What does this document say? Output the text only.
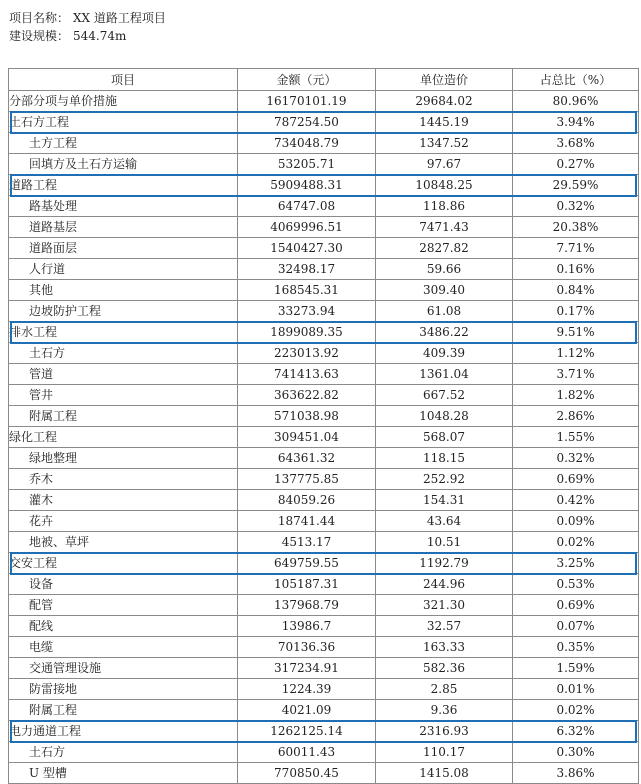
项目名称： XX 道路工程项目
建设规模： 544.74m
项目	金额（元）	单位造价	占总比（%）
分部分项与单价措施	16170101.19	29684.02	80.96%
土石方工程	787254.50	1445.19	3.94%
土方工程	734048.79	1347.52	3.68%
回填方及土石方运输	53205.71	97.67	0.27%
道路工程	5909488.31	10848.25	29.59%
路基处理	64747.08	118.86	0.32%
道路基层	4069996.51	7471.43	20.38%
道路面层	1540427.30	2827.82	7.71%
人行道	32498.17	59.66	0.16%
其他	168545.31	309.40	0.84%
边坡防护工程	33273.94	61.08	0.17%
排水工程	1899089.35	3486.22	9.51%
土石方	223013.92	409.39	1.12%
管道	741413.63	1361.04	3.71%
管井	363622.82	667.52	1.82%
附属工程	571038.98	1048.28	2.86%
绿化工程	309451.04	568.07	1.55%
绿地整理	64361.32	118.15	0.32%
乔木	137775.85	252.92	0.69%
灌木	84059.26	154.31	0.42%
花卉	18741.44	43.64	0.09%
地被、草坪	4513.17	10.51	0.02%
交安工程	649759.55	1192.79	3.25%
设备	105187.31	244.96	0.53%
配管	137968.79	321.30	0.69%
配线	13986.7	32.57	0.07%
电缆	70136.36	163.33	0.35%
交通管理设施	317234.91	582.36	1.59%
防雷接地	1224.39	2.85	0.01%
附属工程	4021.09	9.36	0.02%
电力通道工程	1262125.14	2316.93	6.32%
土石方	60011.43	110.17	0.30%
U 型槽	770850.45	1415.08	3.86%
